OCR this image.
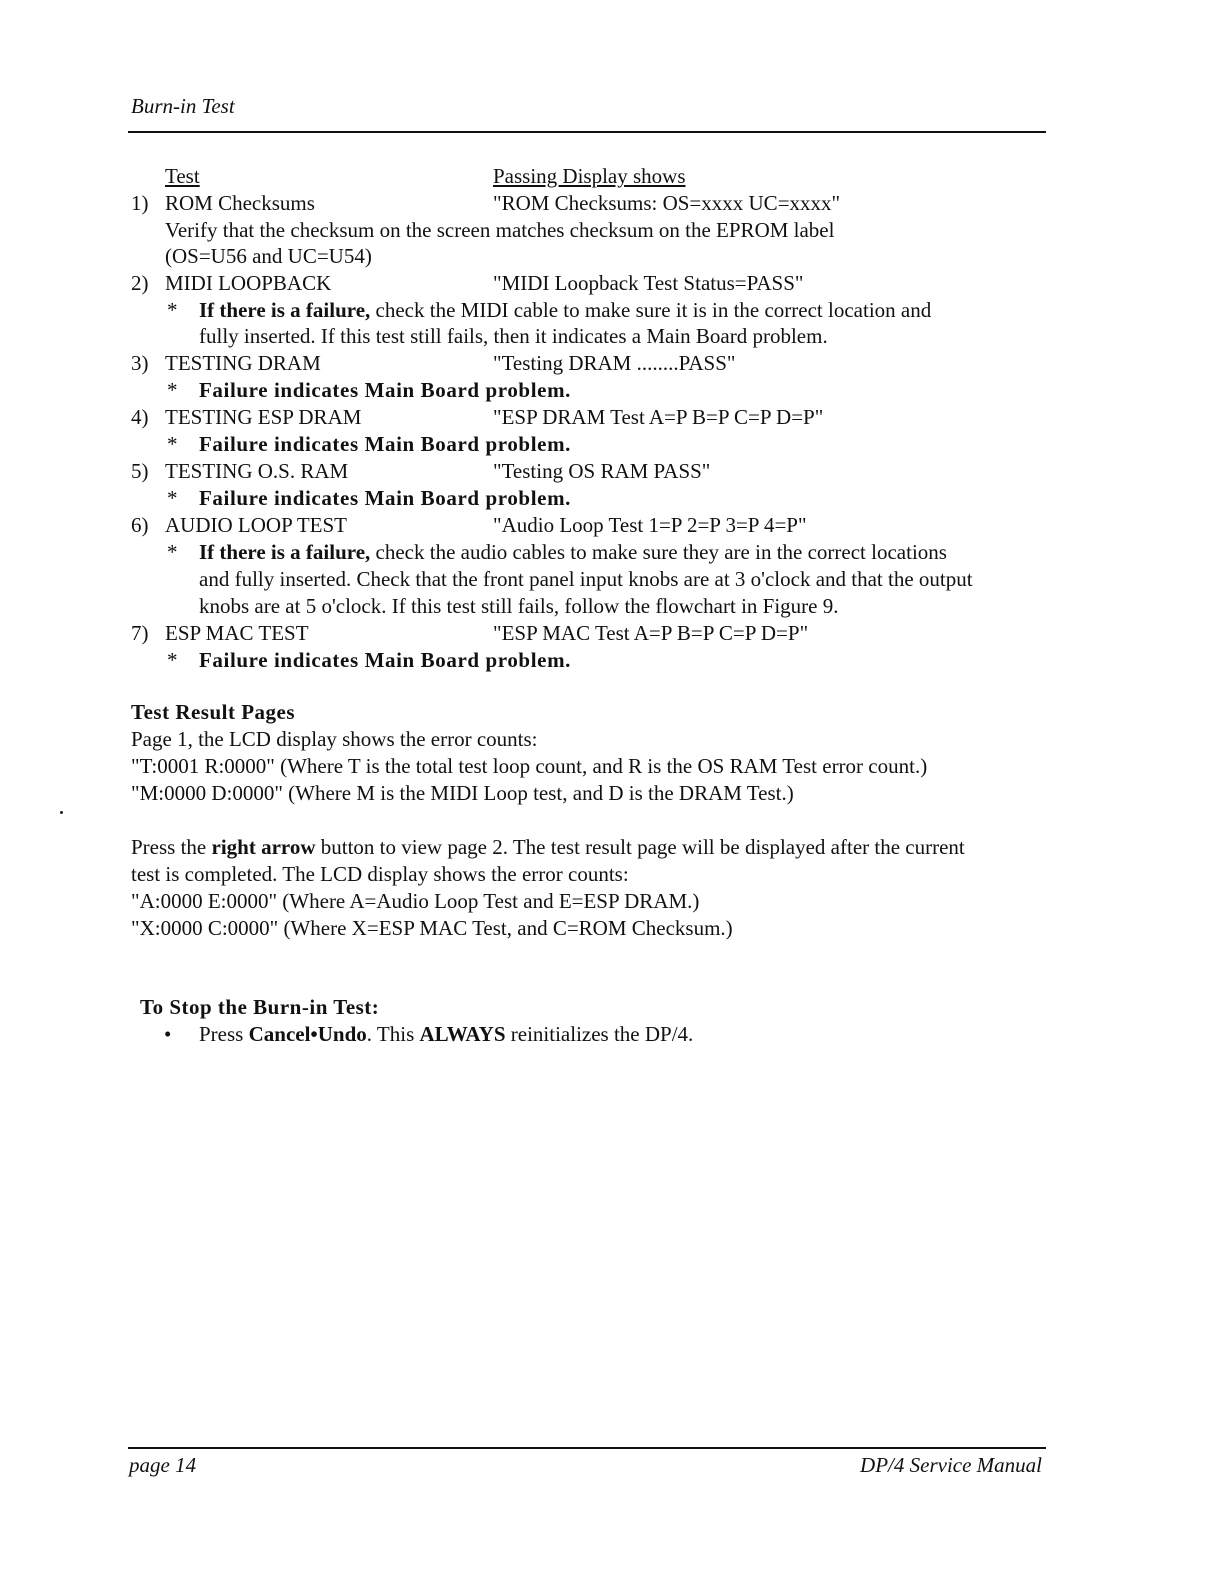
Burn-in Test
Test	Passing Display shows
1) ROM Checksums	"ROM Checksums: OS=xxxx UC=xxxx"
Verify that the checksum on the screen matches checksum on the EPROM label
(OS=U56 and UC=U54)
2) MIDI LOOPBACK	"MIDI Loopback Test Status=PASS"
* If there is a failure, check the MIDI cable to make sure it is in the correct location and
fully inserted. If this test still fails, then it indicates a Main Board problem.
3) TESTING DRAM	"Testing DRAM ........PASS"
* Failure indicates Main Board problem.
4) TESTING ESP DRAM	"ESP DRAM Test A=P B=P C=P D=P"
* Failure indicates Main Board problem.
5) TESTING O.S. RAM	"Testing OS RAM PASS"
* Failure indicates Main Board problem.
6) AUDIO LOOP TEST	"Audio Loop Test 1=P 2=P 3=P 4=P"
* If there is a failure, check the audio cables to make sure they are in the correct locations
and fully inserted. Check that the front panel input knobs are at 3 o'clock and that the output
knobs are at 5 o'clock. If this test still fails, follow the flowchart in Figure 9.
7) ESP MAC TEST	"ESP MAC Test A=P B=P C=P D=P"
* Failure indicates Main Board problem.
Test Result Pages
Page 1, the LCD display shows the error counts:
"T:0001 R:0000" (Where T is the total test loop count, and R is the OS RAM Test error count.)
"M:0000 D:0000" (Where M is the MIDI Loop test, and D is the DRAM Test.)
Press the right arrow button to view page 2. The test result page will be displayed after the current
test is completed. The LCD display shows the error counts:
"A:0000 E:0000" (Where A=Audio Loop Test and E=ESP DRAM.)
"X:0000 C:0000" (Where X=ESP MAC Test, and C=ROM Checksum.)
To Stop the Burn-in Test:
• Press Cancel•Undo. This ALWAYS reinitializes the DP/4.
page 14	DP/4 Service Manual
